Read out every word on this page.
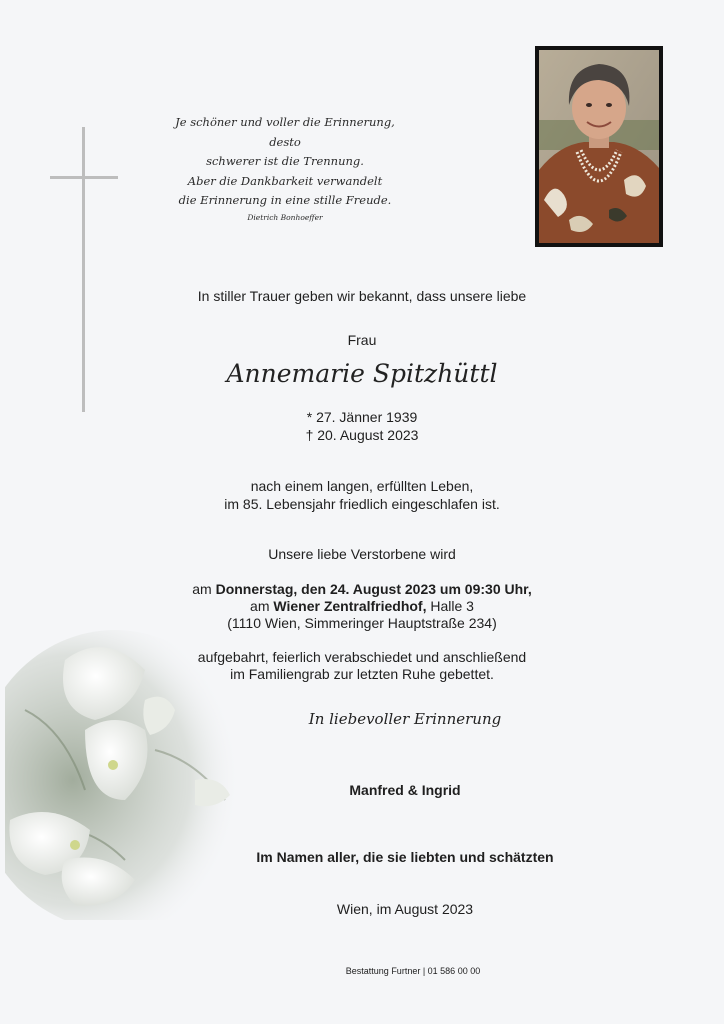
Je schöner und voller die Erinnerung, desto
schwerer ist die Trennung.
Aber die Dankbarkeit verwandelt
die Erinnerung in eine stille Freude.
Dietrich Bonhoeffer
In stiller Trauer geben wir bekannt, dass unsere liebe
Frau
Annemarie Spitzhüttl
* 27. Jänner 1939
† 20. August 2023
nach einem langen, erfüllten Leben,
im 85. Lebensjahr friedlich eingeschlafen ist.
Unsere liebe Verstorbene wird
am Donnerstag, den 24. August 2023 um 09:30 Uhr,
am Wiener Zentralfriedhof, Halle 3
(1110 Wien, Simmeringer Hauptstraße 234)
aufgebahrt, feierlich verabschiedet und anschließend
im Familiengrab zur letzten Ruhe gebettet.
In liebevoller Erinnerung
Manfred & Ingrid
Im Namen aller, die sie liebten und schätzten
Wien, im August 2023
Bestattung Furtner | 01 586 00 00
